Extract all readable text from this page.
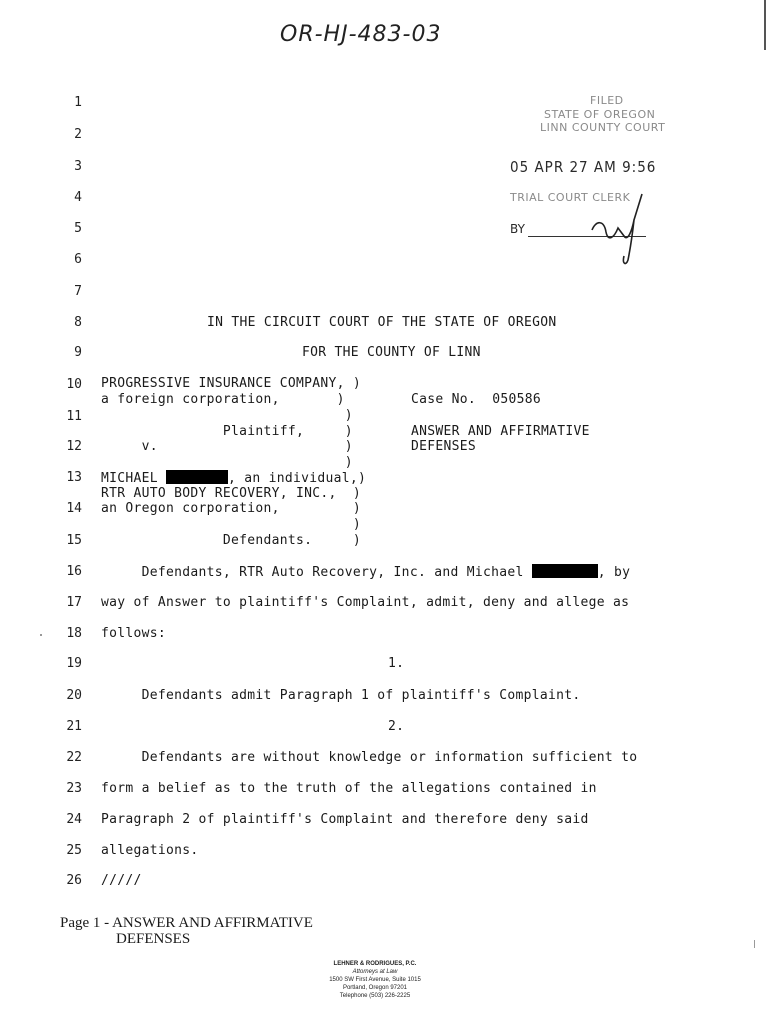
OR-HJ-483-03
FILED
STATE OF OREGON
LINN COUNTY COURT
05 APR 27 AM 9:56
TRIAL COURT CLERK
BY
1
2
3
4
5
6
7
8
9
10
11
12
13
14
15
16
17
18
19
20
21
22
23
24
25
26
IN THE CIRCUIT COURT OF THE STATE OF OREGON
FOR THE COUNTY OF LINN
PROGRESSIVE INSURANCE COMPANY, )
a foreign corporation,       )
)
Plaintiff,     )
v.                       )
)
MICHAEL	, an individual,)
RTR AUTO BODY RECOVERY, INC.,  )
an Oregon corporation,         )
)
Defendants.     )
Case No.  050586
ANSWER AND AFFIRMATIVE
DEFENSES
Defendants, RTR Auto Recovery, Inc. and Michael	, by
way of Answer to plaintiff's Complaint, admit, deny and allege as
follows:
1.
Defendants admit Paragraph 1 of plaintiff's Complaint.
2.
Defendants are without knowledge or information sufficient to
form a belief as to the truth of the allegations contained in
Paragraph 2 of plaintiff's Complaint and therefore deny said
allegations.
/////
Page 1 - ANSWER AND AFFIRMATIVE
DEFENSES
LEHNER & RODRIGUES, P.C.
Attorneys at Law
1500 SW First Avenue, Suite 1015
Portland, Oregon 97201
Telephone (503) 226-2225
